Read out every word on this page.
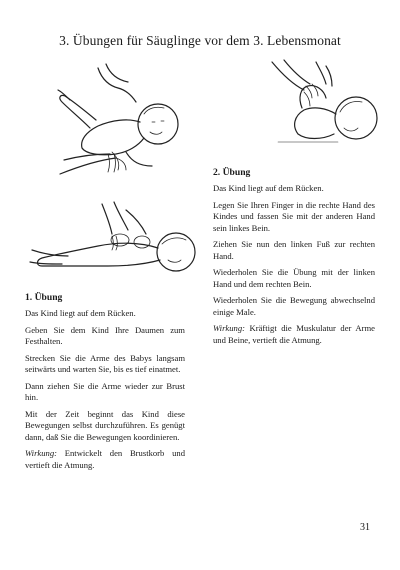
3. Übungen für Säuglinge vor dem 3. Lebensmonat
1. Übung

Das Kind liegt auf dem Rücken.

Geben Sie dem Kind Ihre Daumen zum Festhalten.

Strecken Sie die Arme des Babys langsam seitwärts und warten Sie, bis es tief einatmet.

Dann ziehen Sie die Arme wieder zur Brust hin.

Mit der Zeit beginnt das Kind diese Bewegungen selbst durchzuführen. Es genügt dann, daß Sie die Bewegungen koordinieren.

Wirkung: Entwickelt den Brustkorb und vertieft die Atmung.

2. Übung

Das Kind liegt auf dem Rücken.

Legen Sie Ihren Finger in die rechte Hand des Kindes und fassen Sie mit der anderen Hand sein linkes Bein.

Ziehen Sie nun den linken Fuß zur rechten Hand.

Wiederholen Sie die Übung mit der linken Hand und dem rechten Bein.

Wiederholen Sie die Bewegung abwechselnd einige Male.

Wirkung: Kräftigt die Muskulatur der Arme und Beine, vertieft die Atmung.

31
